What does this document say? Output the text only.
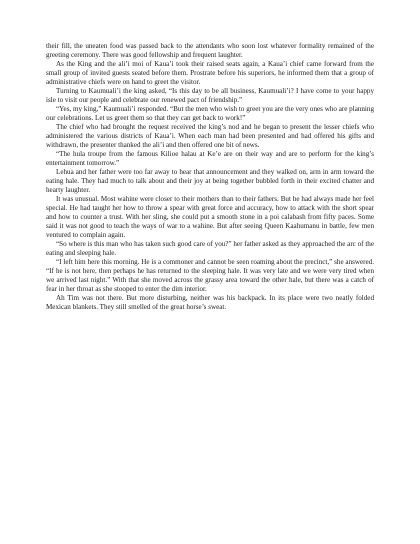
their fill, the uneaten food was passed back to the attendants who soon lost whatever formality remained of the greeting ceremony. There was good fellowship and frequent laughter.

As the King and the ali’i moi of Kaua’i took their raised seats again, a Kaua’i chief came forward from the small group of invited guests seated before them. Prostrate before his superiors, he informed them that a group of administrative chiefs were on hand to greet the visitor.

Turning to Kaumuali’i the king asked, “Is this day to be all business, Kaumuali’i? I have come to your happy isle to visit our people and celebrate our renewed pact of friendship.”

“Yes, my king,” Kaumuali’i responded. “But the men who wish to greet you are the very ones who are planning our celebrations. Let us greet them so that they can get back to work!”

The chief who had brought the request received the king’s nod and he began to present the lesser chiefs who administered the various districts of Kaua’i. When each man had been presented and had offered his gifts and withdrawn, the presenter thanked the ali’i and then offered one bit of news.

“The hula troupe from the famous Kilioe halau at Ke’e are on their way and are to perform for the king’s entertainment tomorrow.”

Lehua and her father were too far away to hear that announcement and they walked on, arm in arm toward the eating hale. They had much to talk about and their joy at being together bubbled forth in their excited chatter and hearty laughter.

It was unusual. Most wahine were closer to their mothers than to their fathers. But he had always made her feel special. He had taught her how to throw a spear with great force and accuracy, how to attack with the short spear and how to counter a trust. With her sling, she could put a smooth stone in a poi calabash from fifty paces. Some said it was not good to teach the ways of war to a wahine. But after seeing Queen Kaahumanu in battle, few men ventured to complain again.

“So where is this man who has taken such good care of you?” her father asked as they approached the arc of the eating and sleeping hale.

“I left him here this morning. He is a commoner and cannot be seen roaming about the precinct,” she answered. “If he is not here, then perhaps he has returned to the sleeping hale. It was very late and we were very tired when we arrived last night.” With that she moved across the grassy area toward the other hale, but there was a catch of fear in her throat as she stooped to enter the dim interior.

Ah Tim was not there. But more disturbing, neither was his backpack. In its place were two neatly folded Mexican blankets. They still smelled of the great horse’s sweat.
